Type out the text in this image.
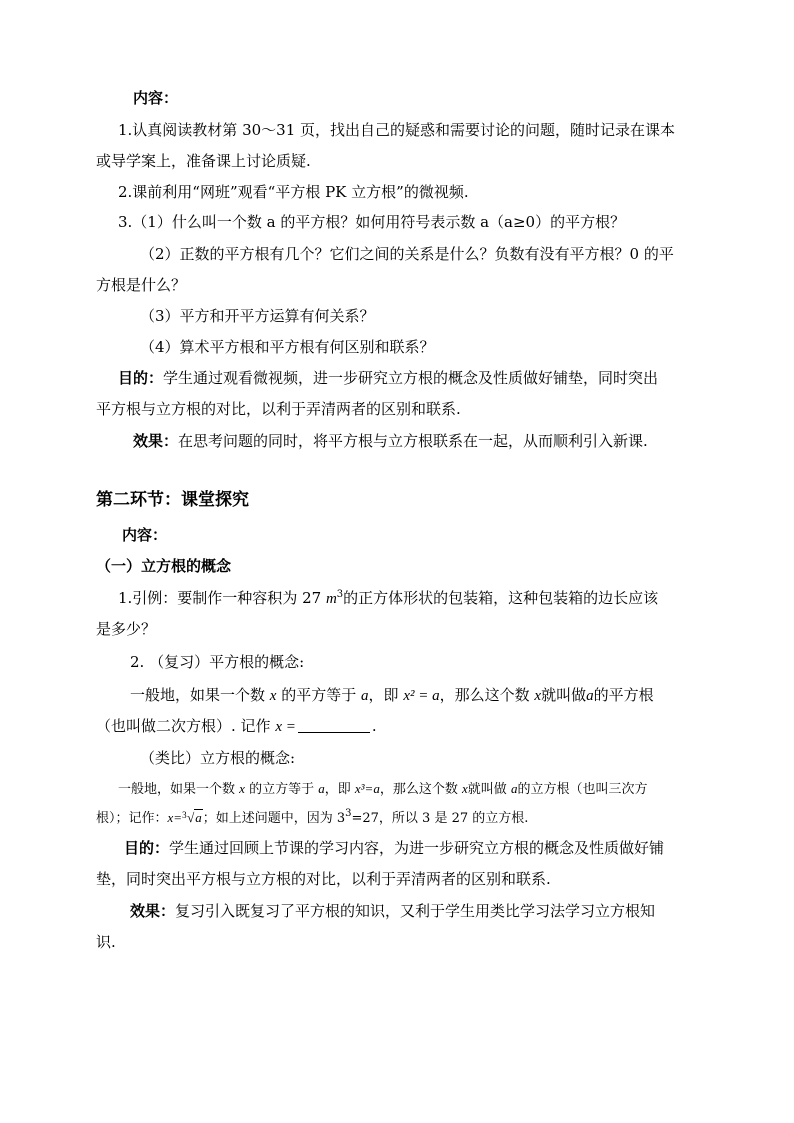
内容：
1.认真阅读教材第 30～31 页，找出自己的疑惑和需要讨论的问题，随时记录在课本
或导学案上，准备课上讨论质疑.
2.课前利用“网班”观看“平方根 PK 立方根”的微视频.
3.（1）什么叫一个数 a 的平方根？如何用符号表示数 a（a≥0）的平方根？
（2）正数的平方根有几个？它们之间的关系是什么？负数有没有平方根？0 的平
方根是什么？
（3）平方和开平方运算有何关系？
（4）算术平方根和平方根有何区别和联系？
目的：学生通过观看微视频，进一步研究立方根的概念及性质做好铺垫，同时突出
平方根与立方根的对比，以利于弄清两者的区别和联系.
效果：在思考问题的同时，将平方根与立方根联系在一起，从而顺利引入新课.
第二环节：课堂探究
内容：
（一）立方根的概念
1.引例：要制作一种容积为 27 $m^3$的正方体形状的包装箱，这种包装箱的边长应该
是多少？
2. （复习）平方根的概念:
一般地，如果一个数 x 的平方等于 a，即 x² = a，那么这个数 x就叫做a的平方根
（也叫做二次方根）. 记作 x =	.
（类比）立方根的概念:
一般地，如果一个数 x 的立方等于 a，即 x³=a，那么这个数 x就叫做 a的立方根（也叫三次方
根）；记作：x= 3 √a；如上述问题中，因为 $3^3=27$，所以 3 是 27 的立方根.
目的：学生通过回顾上节课的学习内容，为进一步研究立方根的概念及性质做好铺
垫，同时突出平方根与立方根的对比，以利于弄清两者的区别和联系.
效果：复习引入既复习了平方根的知识，又利于学生用类比学习法学习立方根知
识.
